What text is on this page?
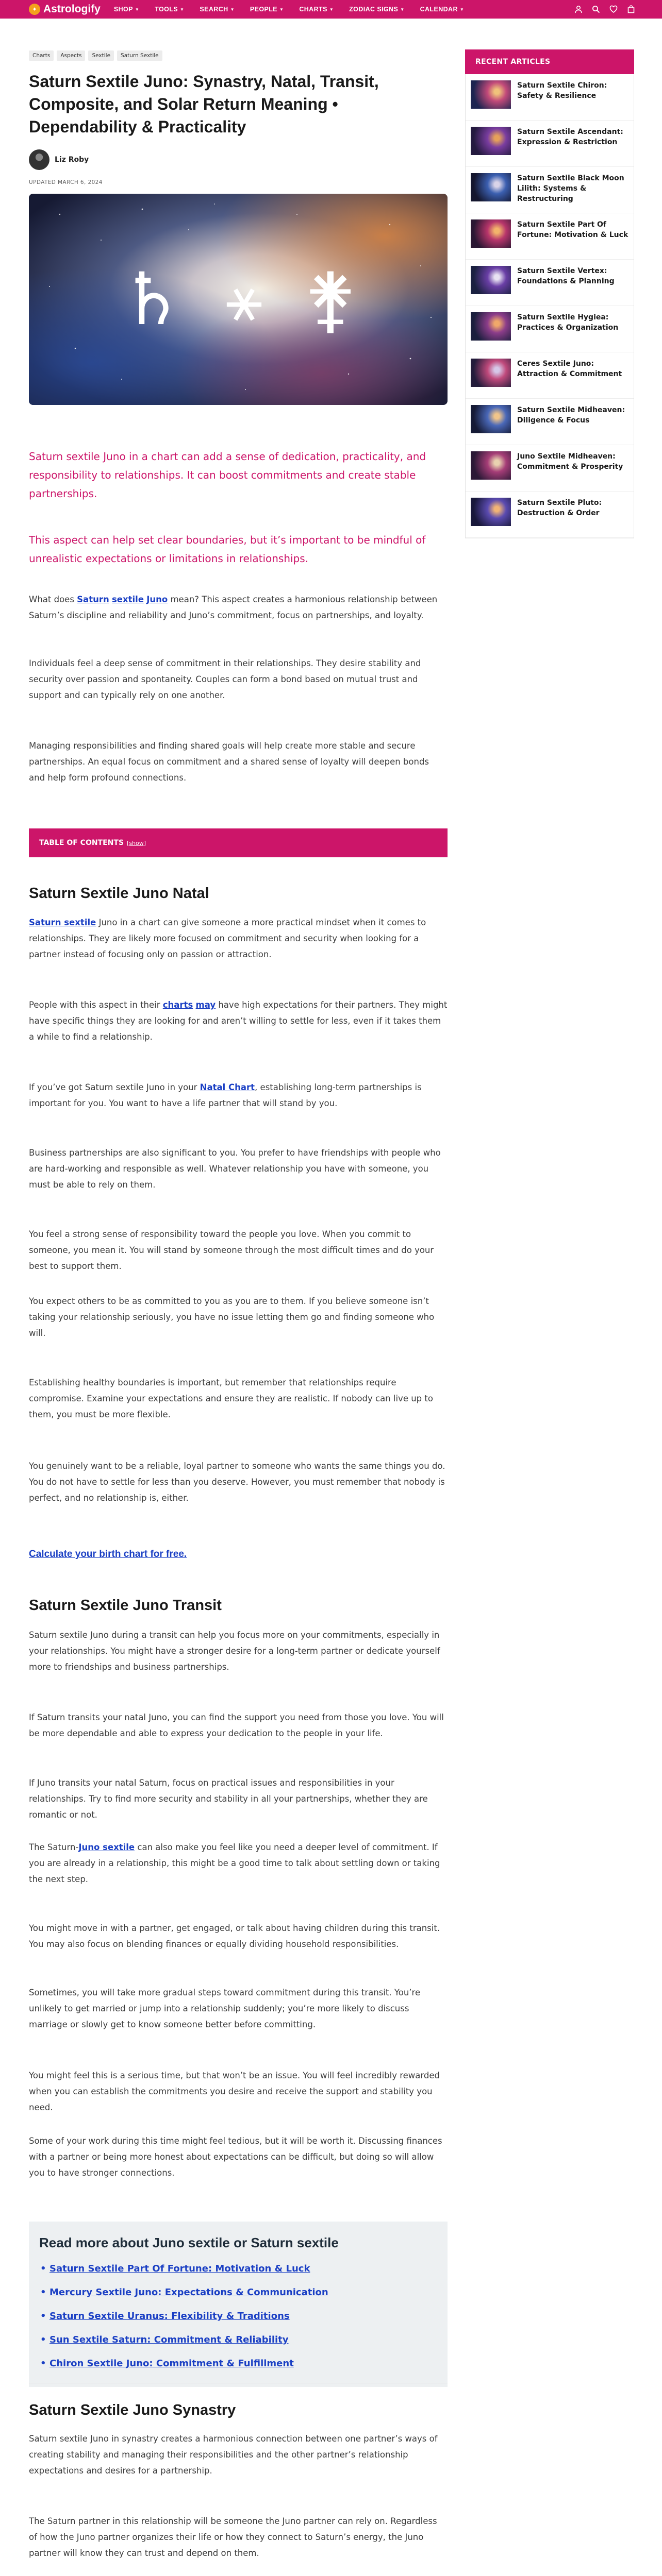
✦ Astrologify SHOP ▼ TOOLS ▼ SEARCH ▼ PEOPLE ▼ CHARTS ▼ ZODIAC SIGNS ▼ CALENDAR ▼
Charts	Aspects	Sextile	Saturn Sextile
Saturn Sextile Juno: Synastry, Natal, Transit, Composite, and Solar Return Meaning • Dependability & Practicality
Liz Roby
UPDATED MARCH 6, 2024
♄ ⚹ ⚵
Saturn sextile Juno in a chart can add a sense of dedication, practicality, and responsibility to relationships. It can boost commitments and create stable partnerships.
This aspect can help set clear boundaries, but it’s important to be mindful of unrealistic expectations or limitations in relationships.
What does Saturn sextile Juno mean? This aspect creates a harmonious relationship between Saturn’s discipline and reliability and Juno’s commitment, focus on partnerships, and loyalty.
Individuals feel a deep sense of commitment in their relationships. They desire stability and security over passion and spontaneity. Couples can form a bond based on mutual trust and support and can typically rely on one another.
Managing responsibilities and finding shared goals will help create more stable and secure partnerships. An equal focus on commitment and a shared sense of loyalty will deepen bonds and help form profound connections.
TABLE OF CONTENTS [show]
Saturn Sextile Juno Natal
Saturn sextile Juno in a chart can give someone a more practical mindset when it comes to relationships. They are likely more focused on commitment and security when looking for a partner instead of focusing only on passion or attraction.
People with this aspect in their charts may have high expectations for their partners. They might have specific things they are looking for and aren’t willing to settle for less, even if it takes them a while to find a relationship.
If you’ve got Saturn sextile Juno in your Natal Chart, establishing long-term partnerships is important for you. You want to have a life partner that will stand by you.
Business partnerships are also significant to you. You prefer to have friendships with people who are hard-working and responsible as well. Whatever relationship you have with someone, you must be able to rely on them.
You feel a strong sense of responsibility toward the people you love. When you commit to someone, you mean it. You will stand by someone through the most difficult times and do your best to support them.
You expect others to be as committed to you as you are to them. If you believe someone isn’t taking your relationship seriously, you have no issue letting them go and finding someone who will.
Establishing healthy boundaries is important, but remember that relationships require compromise. Examine your expectations and ensure they are realistic. If nobody can live up to them, you must be more flexible.
You genuinely want to be a reliable, loyal partner to someone who wants the same things you do. You do not have to settle for less than you deserve. However, you must remember that nobody is perfect, and no relationship is, either.
Calculate your birth chart for free.
Saturn Sextile Juno Transit
Saturn sextile Juno during a transit can help you focus more on your commitments, especially in your relationships. You might have a stronger desire for a long-term partner or dedicate yourself more to friendships and business partnerships.
If Saturn transits your natal Juno, you can find the support you need from those you love. You will be more dependable and able to express your dedication to the people in your life.
If Juno transits your natal Saturn, focus on practical issues and responsibilities in your relationships. Try to find more security and stability in all your partnerships, whether they are romantic or not.
The Saturn-Juno sextile can also make you feel like you need a deeper level of commitment. If you are already in a relationship, this might be a good time to talk about settling down or taking the next step.
You might move in with a partner, get engaged, or talk about having children during this transit. You may also focus on blending finances or equally dividing household responsibilities.
Sometimes, you will take more gradual steps toward commitment during this transit. You’re unlikely to get married or jump into a relationship suddenly; you’re more likely to discuss marriage or slowly get to know someone better before committing.
You might feel this is a serious time, but that won’t be an issue. You will feel incredibly rewarded when you can establish the commitments you desire and receive the support and stability you need.
Some of your work during this time might feel tedious, but it will be worth it. Discussing finances with a partner or being more honest about expectations can be difficult, but doing so will allow you to have stronger connections.
Read more about Juno sextile or Saturn sextile
• Saturn Sextile Part Of Fortune: Motivation & Luck
• Mercury Sextile Juno: Expectations & Communication
• Saturn Sextile Uranus: Flexibility & Traditions
• Sun Sextile Saturn: Commitment & Reliability
• Chiron Sextile Juno: Commitment & Fulfillment
Saturn Sextile Juno Synastry
Saturn sextile Juno in synastry creates a harmonious connection between one partner’s ways of creating stability and managing their responsibilities and the other partner’s relationship expectations and desires for a partnership.
The Saturn partner in this relationship will be someone the Juno partner can rely on. Regardless of how the Juno partner organizes their life or how they connect to Saturn’s energy, the Juno partner will know they can trust and depend on them.
RECENT ARTICLES
Saturn Sextile Chiron: Safety & Resilience
Saturn Sextile Ascendant: Expression & Restriction
Saturn Sextile Black Moon Lilith: Systems & Restructuring
Saturn Sextile Part Of Fortune: Motivation & Luck
Saturn Sextile Vertex: Foundations & Planning
Saturn Sextile Hygiea: Practices & Organization
Ceres Sextile Juno: Attraction & Commitment
Saturn Sextile Midheaven: Diligence & Focus
Juno Sextile Midheaven: Commitment & Prosperity
Saturn Sextile Pluto: Destruction & Order
